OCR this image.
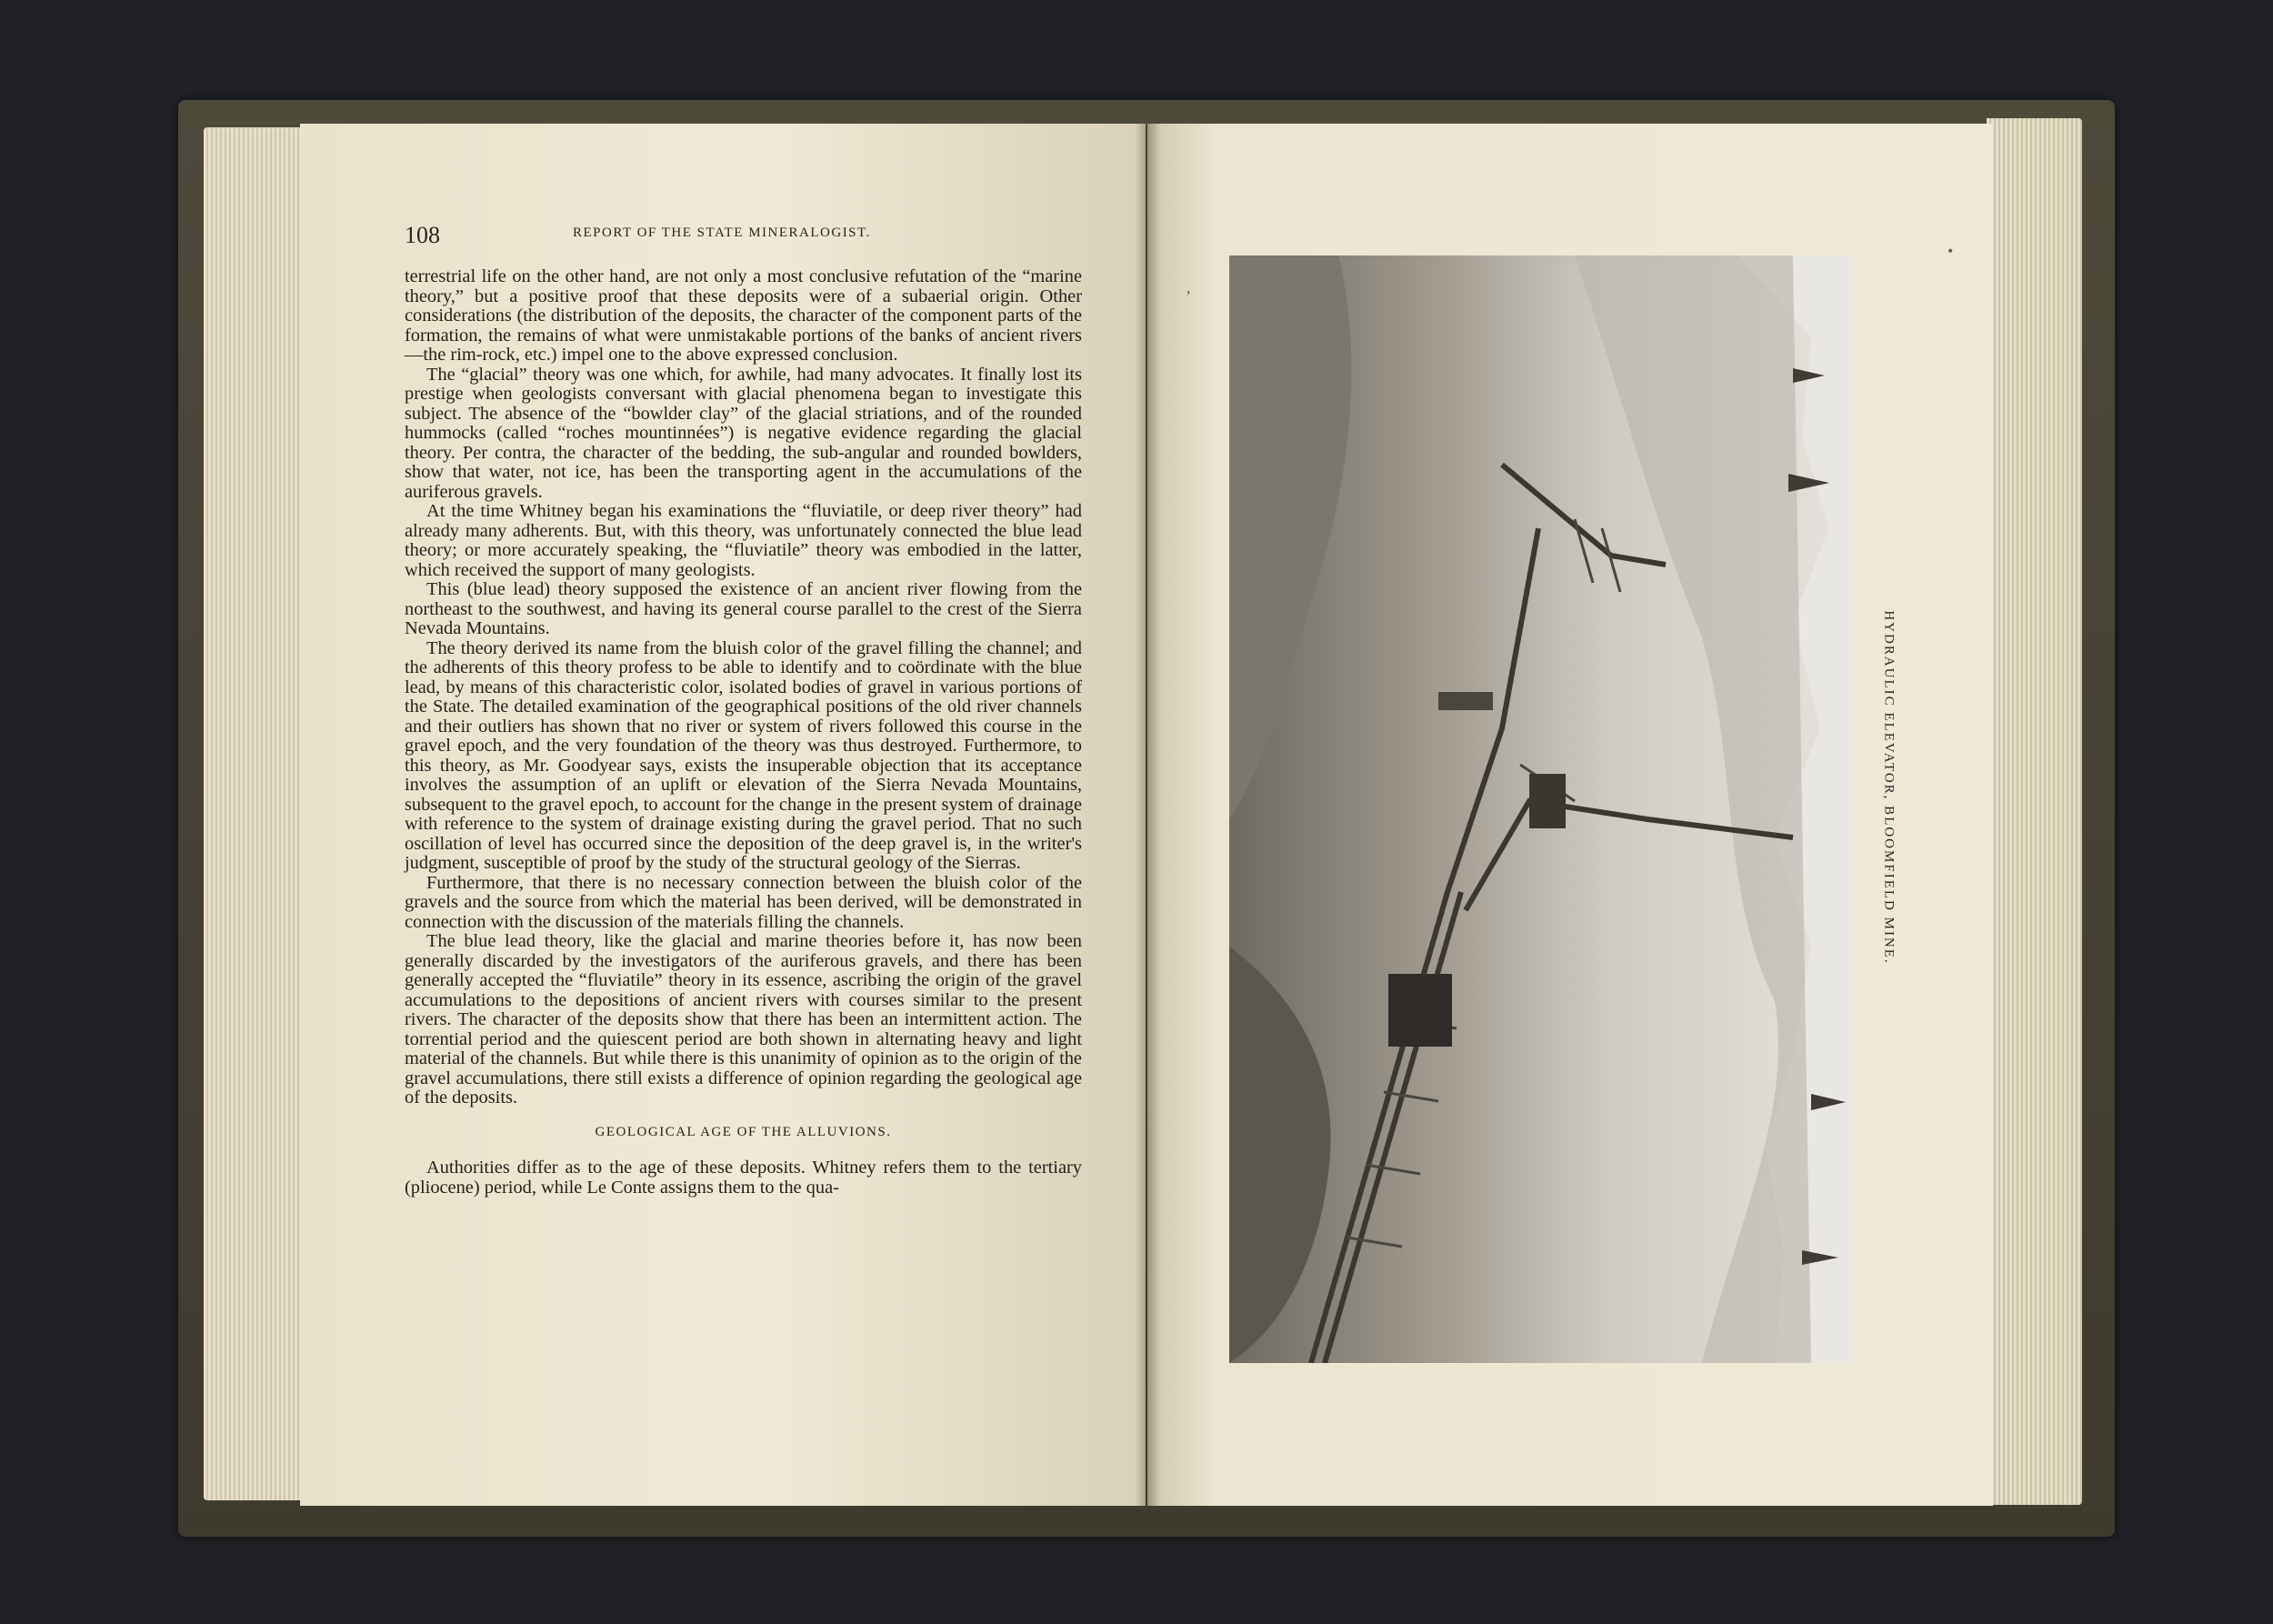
108	REPORT OF THE STATE MINERALOGIST.

terrestrial life on the other hand, are not only a most conclusive refutation of the “marine theory,” but a positive proof that these deposits were of a subaerial origin. Other considerations (the distribution of the deposits, the character of the component parts of the formation, the remains of what were unmistakable portions of the banks of ancient rivers—the rim-rock, etc.) impel one to the above expressed conclusion.

The “glacial” theory was one which, for awhile, had many advocates. It finally lost its prestige when geologists conversant with glacial phenomena began to investigate this subject. The absence of the “bowlder clay” of the glacial striations, and of the rounded hummocks (called “roches mountinnées”) is negative evidence regarding the glacial theory. Per contra, the character of the bedding, the sub-angular and rounded bowlders, show that water, not ice, has been the transporting agent in the accumulations of the auriferous gravels.

At the time Whitney began his examinations the “fluviatile, or deep river theory” had already many adherents. But, with this theory, was unfortunately connected the blue lead theory; or more accurately speaking, the “fluviatile” theory was embodied in the latter, which received the support of many geologists.

This (blue lead) theory supposed the existence of an ancient river flowing from the northeast to the southwest, and having its general course parallel to the crest of the Sierra Nevada Mountains.

The theory derived its name from the bluish color of the gravel filling the channel; and the adherents of this theory profess to be able to identify and to coördinate with the blue lead, by means of this characteristic color, isolated bodies of gravel in various portions of the State. The detailed examination of the geographical positions of the old river channels and their outliers has shown that no river or system of rivers followed this course in the gravel epoch, and the very foundation of the theory was thus destroyed. Furthermore, to this theory, as Mr. Goodyear says, exists the insuperable objection that its acceptance involves the assumption of an uplift or elevation of the Sierra Nevada Mountains, subsequent to the gravel epoch, to account for the change in the present system of drainage with reference to the system of drainage existing during the gravel period. That no such oscillation of level has occurred since the deposition of the deep gravel is, in the writer's judgment, susceptible of proof by the study of the structural geology of the Sierras.

Furthermore, that there is no necessary connection between the bluish color of the gravels and the source from which the material has been derived, will be demonstrated in connection with the discussion of the materials filling the channels.

The blue lead theory, like the glacial and marine theories before it, has now been generally discarded by the investigators of the auriferous gravels, and there has been generally accepted the “fluviatile” theory in its essence, ascribing the origin of the gravel accumulations to the depositions of ancient rivers with courses similar to the present rivers. The character of the deposits show that there has been an intermittent action. The torrential period and the quiescent period are both shown in alternating heavy and light material of the channels. But while there is this unanimity of opinion as to the origin of the gravel accumulations, there still exists a difference of opinion regarding the geological age of the deposits.

GEOLOGICAL AGE OF THE ALLUVIONS.

Authorities differ as to the age of these deposits. Whitney refers them to the tertiary (pliocene) period, while Le Conte assigns them to the qua-

’
HYDRAULIC ELEVATOR, BLOOMFIELD MINE.
•
